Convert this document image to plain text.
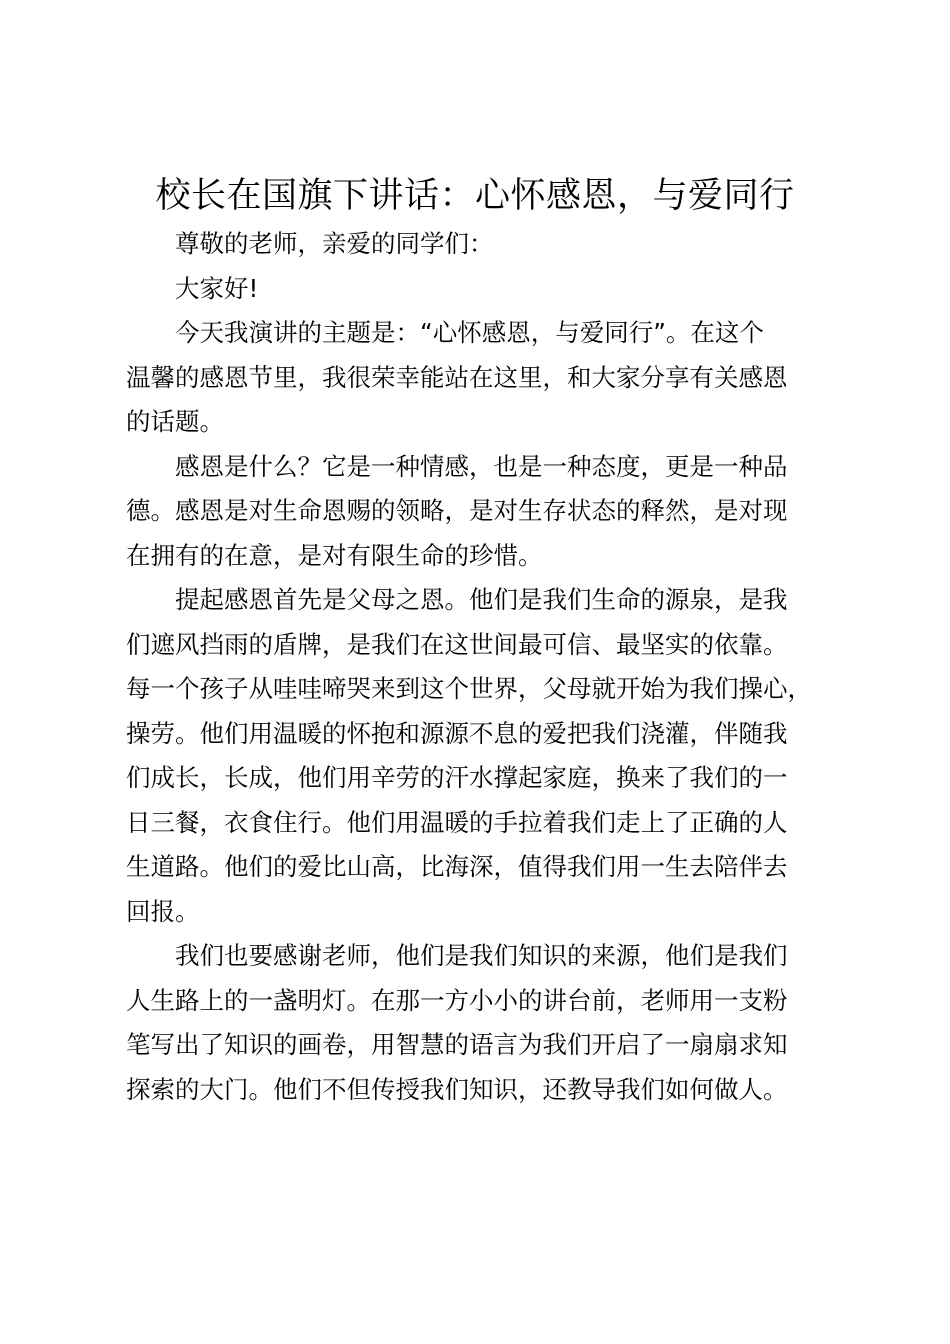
校长在国旗下讲话：心怀感恩，与爱同行

尊敬的老师，亲爱的同学们：

大家好!

今天我演讲的主题是：“心怀感恩，与爱同行”。在这个
温馨的感恩节里，我很荣幸能站在这里，和大家分享有关感恩
的话题。

感恩是什么？它是一种情感，也是一种态度，更是一种品
德。感恩是对生命恩赐的领略，是对生存状态的释然，是对现
在拥有的在意，是对有限生命的珍惜。

提起感恩首先是父母之恩。他们是我们生命的源泉，是我
们遮风挡雨的盾牌，是我们在这世间最可信、最坚实的依靠。
每一个孩子从哇哇啼哭来到这个世界，父母就开始为我们操心，
操劳。他们用温暖的怀抱和源源不息的爱把我们浇灌，伴随我
们成长，长成，他们用辛劳的汗水撑起家庭，换来了我们的一
日三餐，衣食住行。他们用温暖的手拉着我们走上了正确的人
生道路。他们的爱比山高，比海深，值得我们用一生去陪伴去
回报。

我们也要感谢老师，他们是我们知识的来源，他们是我们
人生路上的一盏明灯。在那一方小小的讲台前，老师用一支粉
笔写出了知识的画卷，用智慧的语言为我们开启了一扇扇求知
探索的大门。他们不但传授我们知识，还教导我们如何做人。
